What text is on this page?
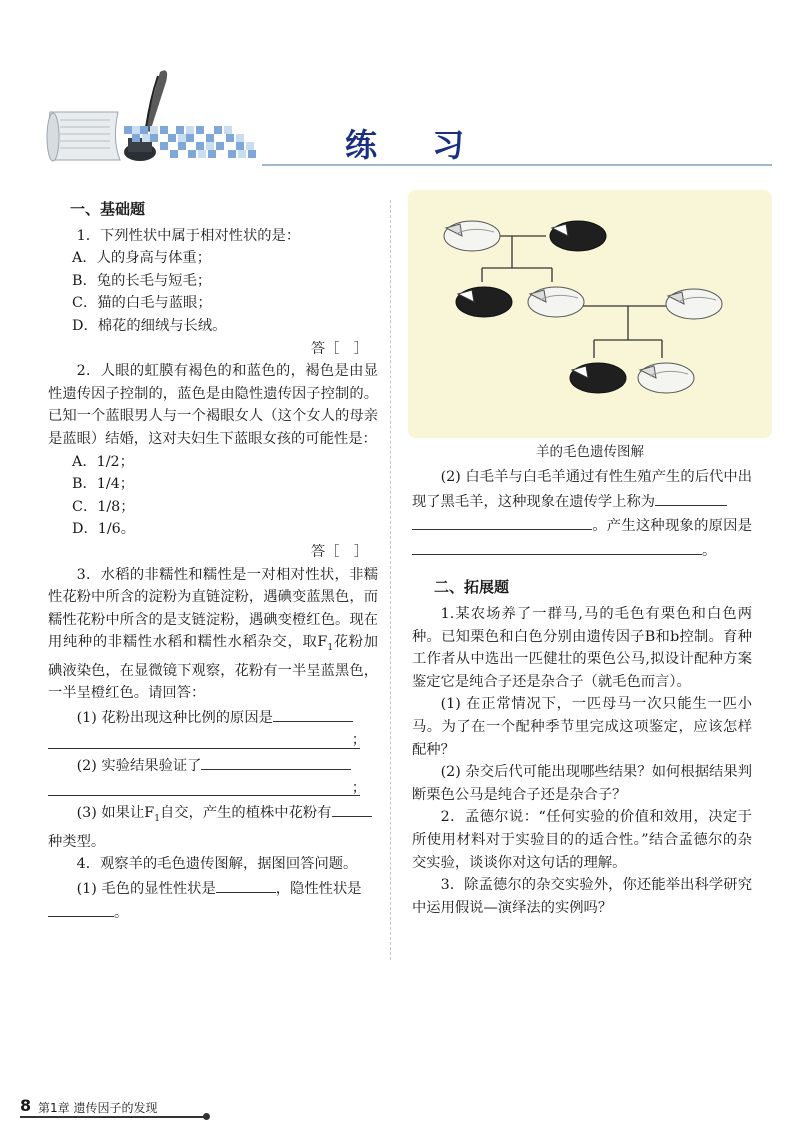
练 习
一、基础题

1．下列性状中属于相对性状的是：

A．人的身高与体重；

B．兔的长毛与短毛；

C．猫的白毛与蓝眼；

D．棉花的细绒与长绒。

答［　］

2．人眼的虹膜有褐色的和蓝色的，褐色是由显性遗传因子控制的，蓝色是由隐性遗传因子控制的。已知一个蓝眼男人与一个褐眼女人（这个女人的母亲是蓝眼）结婚，这对夫妇生下蓝眼女孩的可能性是：

A．1/2；

B．1/4；

C．1/8；

D．1/6。

答［　］

3．水稻的非糯性和糯性是一对相对性状，非糯性花粉中所含的淀粉为直链淀粉，遇碘变蓝黑色，而糯性花粉中所含的是支链淀粉，遇碘变橙红色。现在用纯种的非糯性水稻和糯性水稻杂交，取$F_1$花粉加碘液染色，在显微镜下观察，花粉有一半呈蓝黑色，一半呈橙红色。请回答：

(1) 花粉出现这种比例的原因是

；

(2) 实验结果验证了

；

(3) 如果让$F_1$自交，产生的植株中花粉有

种类型。

4．观察羊的毛色遗传图解，据图回答问题。

(1) 毛色的显性性状是	，隐性性状是

。

羊的毛色遗传图解

(2) 白毛羊与白毛羊通过有性生殖产生的后代中出现了黑毛羊，这种现象在遗传学上称为
。产生这种现象的原因是。

二、拓展题

1.某农场养了一群马,马的毛色有栗色和白色两种。已知栗色和白色分别由遗传因子B和b控制。育种工作者从中选出一匹健壮的栗色公马,拟设计配种方案鉴定它是纯合子还是杂合子（就毛色而言）。

(1) 在正常情况下，一匹母马一次只能生一匹小马。为了在一个配种季节里完成这项鉴定，应该怎样配种？

(2) 杂交后代可能出现哪些结果？如何根据结果判断栗色公马是纯合子还是杂合子？

2．孟德尔说：“任何实验的价值和效用，决定于所使用材料对于实验目的的适合性。”结合孟德尔的杂交实验，谈谈你对这句话的理解。

3．除孟德尔的杂交实验外，你还能举出科学研究中运用假说—演绎法的实例吗？

8 第1章 遗传因子的发现
